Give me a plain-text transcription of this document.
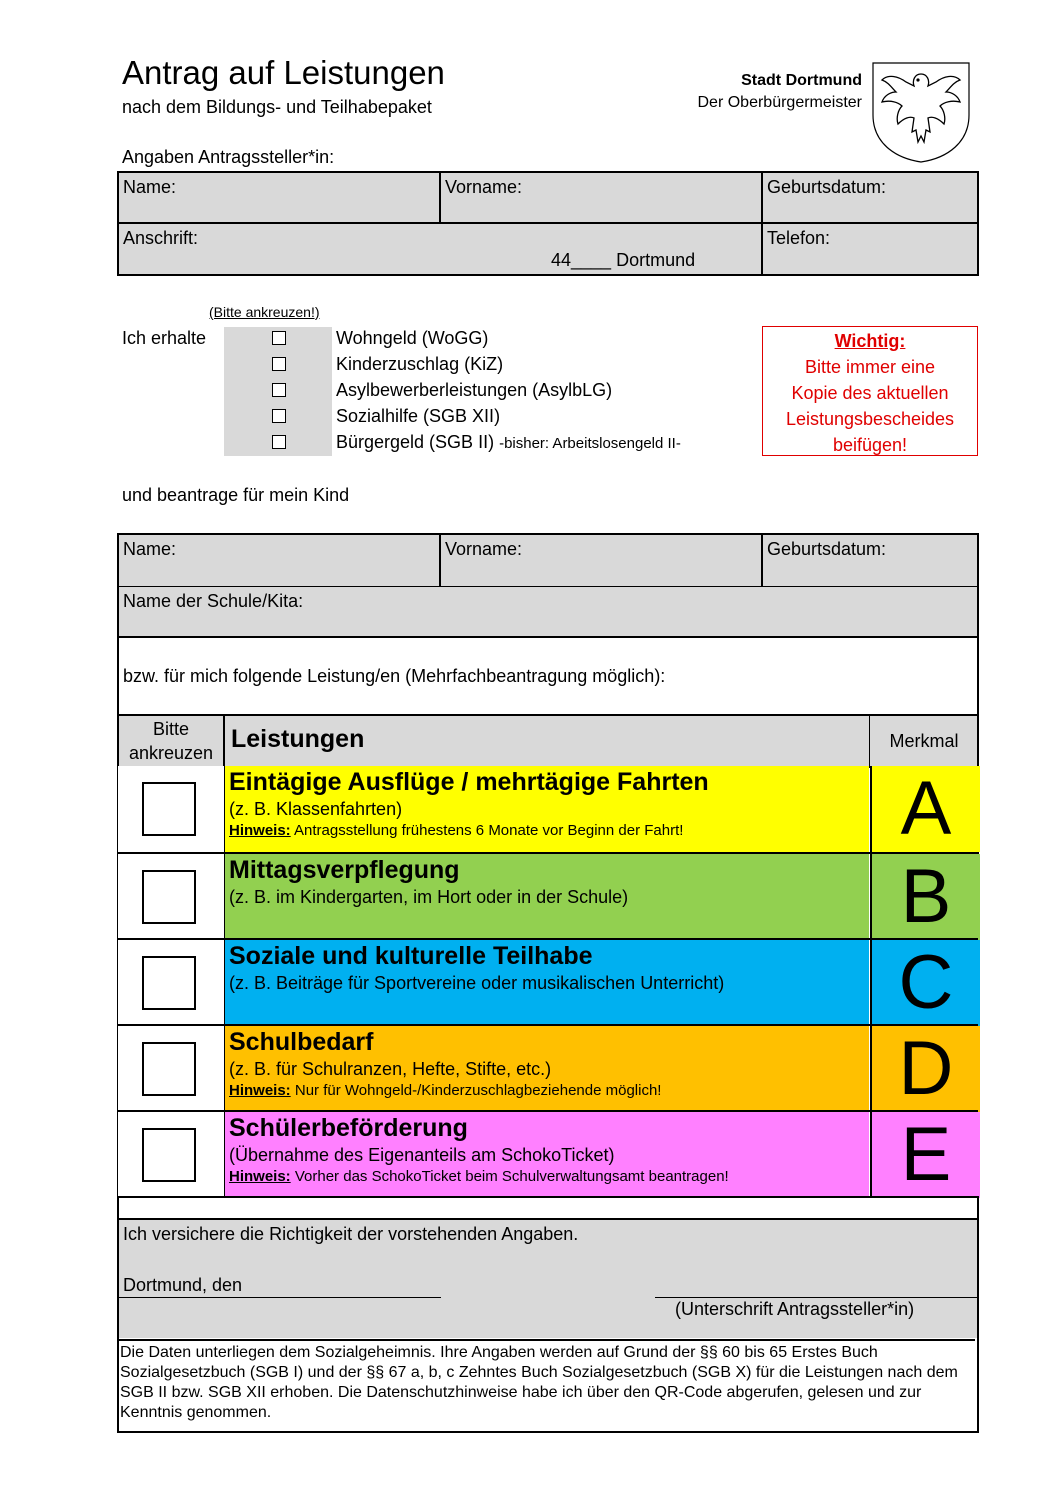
Antrag auf Leistungen
nach dem Bildungs- und Teilhabepaket
Stadt Dortmund
Der Oberbürgermeister
Angaben Antragssteller*in:
Name:	Vorname:	Geburtsdatum:
Anschrift:
44____ Dortmund
Telefon:
(Bitte ankreuzen!)
Ich erhalte	Wohngeld (WoGG)
Kinderzuschlag (KiZ)
Asylbewerberleistungen (AsylbLG)
Sozialhilfe (SGB XII)
Bürgergeld (SGB II) -bisher: Arbeitslosengeld II-
Wichtig:
Bitte immer eine
Kopie des aktuellen
Leistungsbescheides
beifügen!
und beantrage für mein Kind
Name:	Vorname:	Geburtsdatum:
Name der Schule/Kita:
bzw. für mich folgende Leistung/en (Mehrfachbeantragung möglich):
Bitte ankreuzen Leistungen	Merkmal
Eintägige Ausflüge / mehrtägige Fahrten
(z. B. Klassenfahrten)
Hinweis: Antragsstellung frühestens 6 Monate vor Beginn der Fahrt!	A
Mittagsverpflegung
(z. B. im Kindergarten, im Hort oder in der Schule)	B
Soziale und kulturelle Teilhabe
(z. B. Beiträge für Sportvereine oder musikalischen Unterricht)	C
Schulbedarf
(z. B. für Schulranzen, Hefte, Stifte, etc.)
Hinweis: Nur für Wohngeld-/Kinderzuschlagbeziehende möglich!	D
Schülerbeförderung
(Übernahme des Eigenanteils am SchokoTicket)
Hinweis: Vorher das SchokoTicket beim Schulverwaltungsamt beantragen!	E
Ich versichere die Richtigkeit der vorstehenden Angaben.
Dortmund, den
(Unterschrift Antragssteller*in)
Die Daten unterliegen dem Sozialgeheimnis. Ihre Angaben werden auf Grund der §§ 60 bis 65 Erstes Buch Sozialgesetzbuch (SGB I) und der §§ 67 a, b, c Zehntes Buch Sozialgesetzbuch (SGB X) für die Leistungen nach dem SGB II bzw. SGB XII erhoben. Die Datenschutzhinweise habe ich über den QR-Code abgerufen, gelesen und zur Kenntnis genommen.
